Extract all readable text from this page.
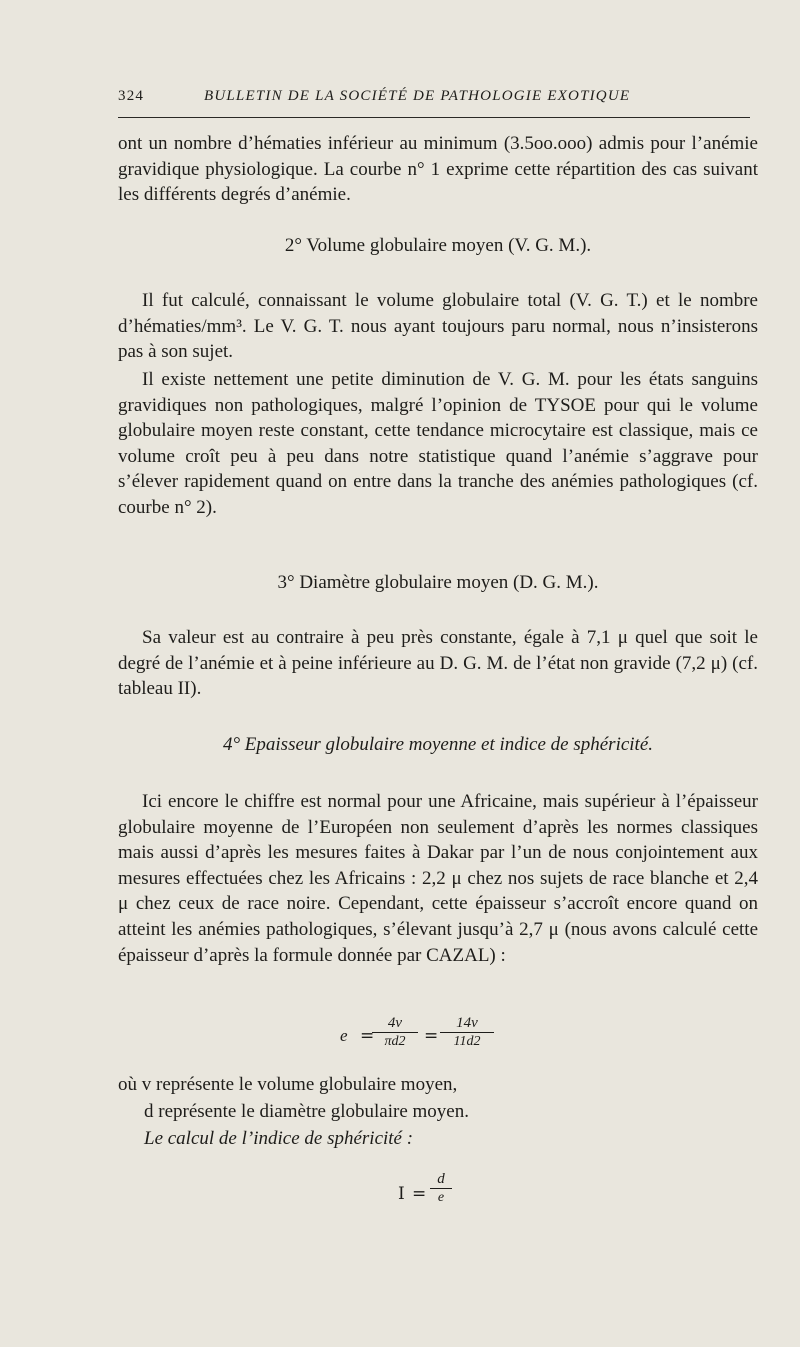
324	BULLETIN DE LA SOCIÉTÉ DE PATHOLOGIE EXOTIQUE
ont un nombre d’hématies inférieur au minimum (3.5oo.ooo) admis pour l’anémie gravidique physiologique. La courbe n° 1 exprime cette répartition des cas suivant les différents degrés d’anémie.
2° Volume globulaire moyen (V. G. M.).
Il fut calculé, connaissant le volume globulaire total (V. G. T.) et le nombre d’hématies/mm³. Le V. G. T. nous ayant toujours paru normal, nous n’insisterons pas à son sujet.
Il existe nettement une petite diminution de V. G. M. pour les états sanguins gravidiques non pathologiques, malgré l’opinion de TYSOE pour qui le volume globulaire moyen reste constant, cette tendance microcytaire est classique, mais ce volume croît peu à peu dans notre statistique quand l’anémie s’aggrave pour s’élever rapidement quand on entre dans la tranche des anémies pathologiques (cf. courbe n° 2).
3° Diamètre globulaire moyen (D. G. M.).
Sa valeur est au contraire à peu près constante, égale à 7,1 μ quel que soit le degré de l’anémie et à peine inférieure au D. G. M. de l’état non gravide (7,2 μ) (cf. tableau II).
4° Epaisseur globulaire moyenne et indice de sphéricité.
Ici encore le chiffre est normal pour une Africaine, mais supérieur à l’épaisseur globulaire moyenne de l’Européen non seulement d’après les normes classiques mais aussi d’après les mesures faites à Dakar par l’un de nous conjointement aux mesures effectuées chez les Africains : 2,2 μ chez nos sujets de race blanche et 2,4 μ chez ceux de race noire. Cependant, cette épaisseur s’accroît encore quand on atteint les anémies pathologiques, s’élevant jusqu’à 2,7 μ (nous avons calculé cette épaisseur d’après la formule donnée par CAZAL) :
e =
$\frac{4v}{\pi d2} = \frac{14v}{11d2}$
où v représente le volume globulaire moyen,
d représente le diamètre globulaire moyen.
Le calcul de l’indice de sphéricité :
$I = \frac{d}{e}$
